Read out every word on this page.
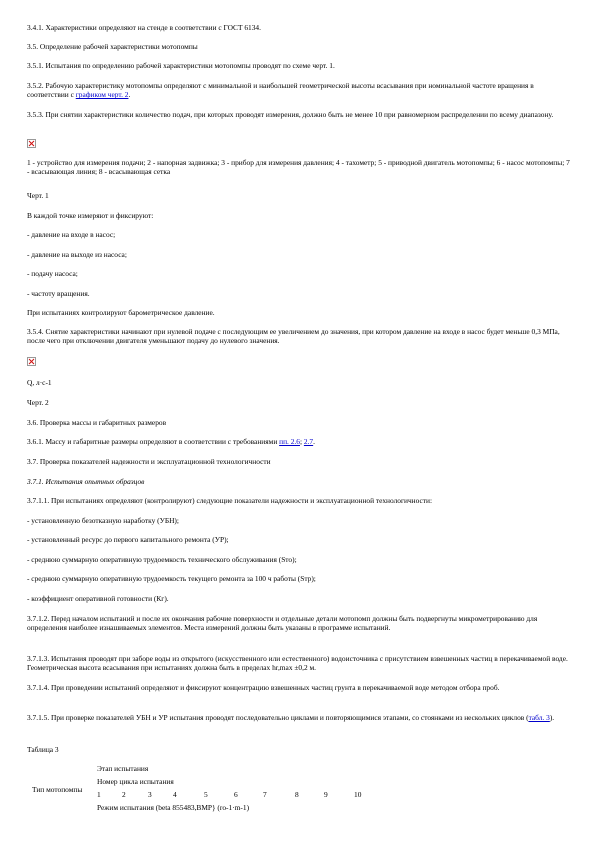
3.4.1. Характеристики определяют на стенде в соответствии с ГОСТ 6134.

3.5. Определение рабочей характеристики мотопомпы

3.5.1. Испытания по определению рабочей характеристики мотопомпы проводят по схеме черт. 1.

3.5.2. Рабочую характеристику мотопомпы определяют с минимальной и наибольшей геометрической высоты всасывания при номинальной частоте вращения в соответствии с графиком черт. 2.

3.5.3. При снятии характеристики количество подач, при которых проводят измерения, должно быть не менее 10 при равномерном распределении по всему диапазону.

1 - устройство для измерения подачи; 2 - напорная задвижка; 3 - прибор для измерения давления; 4 - тахометр; 5 - приводной двигатель мотопомпы; 6 - насос мотопомпы; 7 - всасывающая линия; 8 - всасывающая сетка

Черт. 1

В каждой точке измеряют и фиксируют:

- давление на входе в насос;

- давление на выходе из насоса;

- подачу насоса;

- частоту вращения.

При испытаниях контролируют барометрическое давление.

3.5.4. Снятие характеристики начинают при нулевой подаче с последующим ее увеличением до значения, при котором давление на входе в насос будет меньше 0,3 МПа, после чего при отключении двигателя уменьшают подачу до нулевого значения.

Q, л·с-1

Черт. 2

3.6. Проверка массы и габаритных размеров

3.6.1. Массу и габаритные размеры определяют в соответствии с требованиями пп. 2.6; 2.7.

3.7. Проверка показателей надежности и эксплуатационной технологичности

3.7.1. Испытания опытных образцов

3.7.1.1. При испытаниях определяют (контролируют) следующие показатели надежности и эксплуатационной технологичности:

- установленную безотказную наработку (УБН);

- установленный ресурс до первого капитального ремонта (УР);

- среднюю суммарную оперативную трудоемкость технического обслуживания (Sто);

- среднюю суммарную оперативную трудоемкость текущего ремонта за 100 ч работы (Sтр);

- коэффициент оперативной готовности (Кг).

3.7.1.2. Перед началом испытаний и после их окончания рабочие поверхности и отдельные детали мотопомп должны быть подвергнуты микрометрированию для определения наиболее изнашиваемых элементов. Места измерений должны быть указаны в программе испытаний.

3.7.1.3. Испытания проводят при заборе воды из открытого (искусственного или естественного) водоисточника с присутствием взвешенных частиц в перекачиваемой воде. Геометрическая высота всасывания при испытаниях должна быть в пределах hr,max ±0,2 м.

3.7.1.4. При проведении испытаний определяют и фиксируют концентрацию взвешенных частиц грунта в перекачиваемой воде методом отбора проб.

3.7.1.5. При проверке показателей УБН и УР испытания проводят последовательно циклами и повторяющимися этапами, со стоянками из нескольких циклов (табл. 3).

Таблица 3

Этап испытания
Номер цикла испытания
Тип мотопомпы
1	2	3	4	5	6	7	8	9	10
Режим испытания (beta 855483,BMP} (ro-1·m-1)
